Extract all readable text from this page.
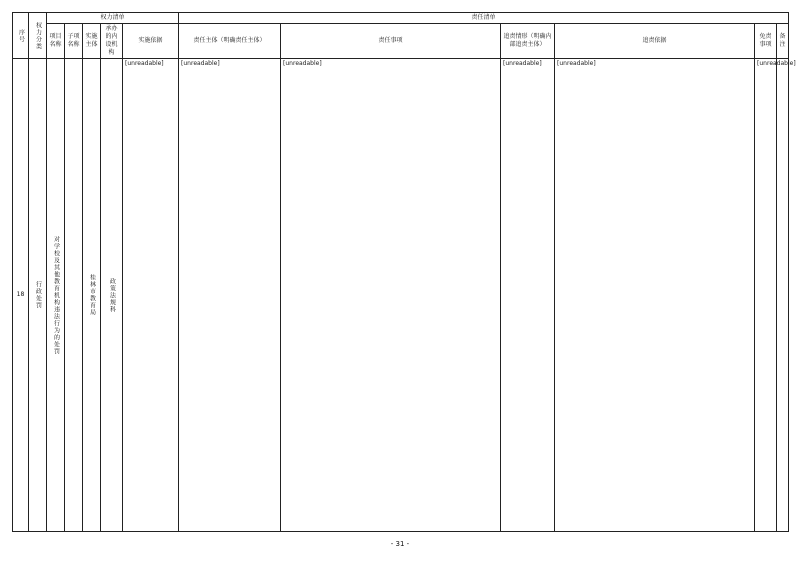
序号	权力分类	权力清单					责任清单					
		项目名称	子项名称	实施主体	承办的内设机构	实施依据	责任主体（明确责任主体）	责任事项	追责情形（明确内部追责主体）	追责依据	免责事项	备注
18	行政处罚	对学校及其他教育机构违法行为的处罚		桂林市教育局	政策法规科	[unreadable]	[unreadable]	[unreadable]	[unreadable]	[unreadable]	[unreadable]	
- 31 -
